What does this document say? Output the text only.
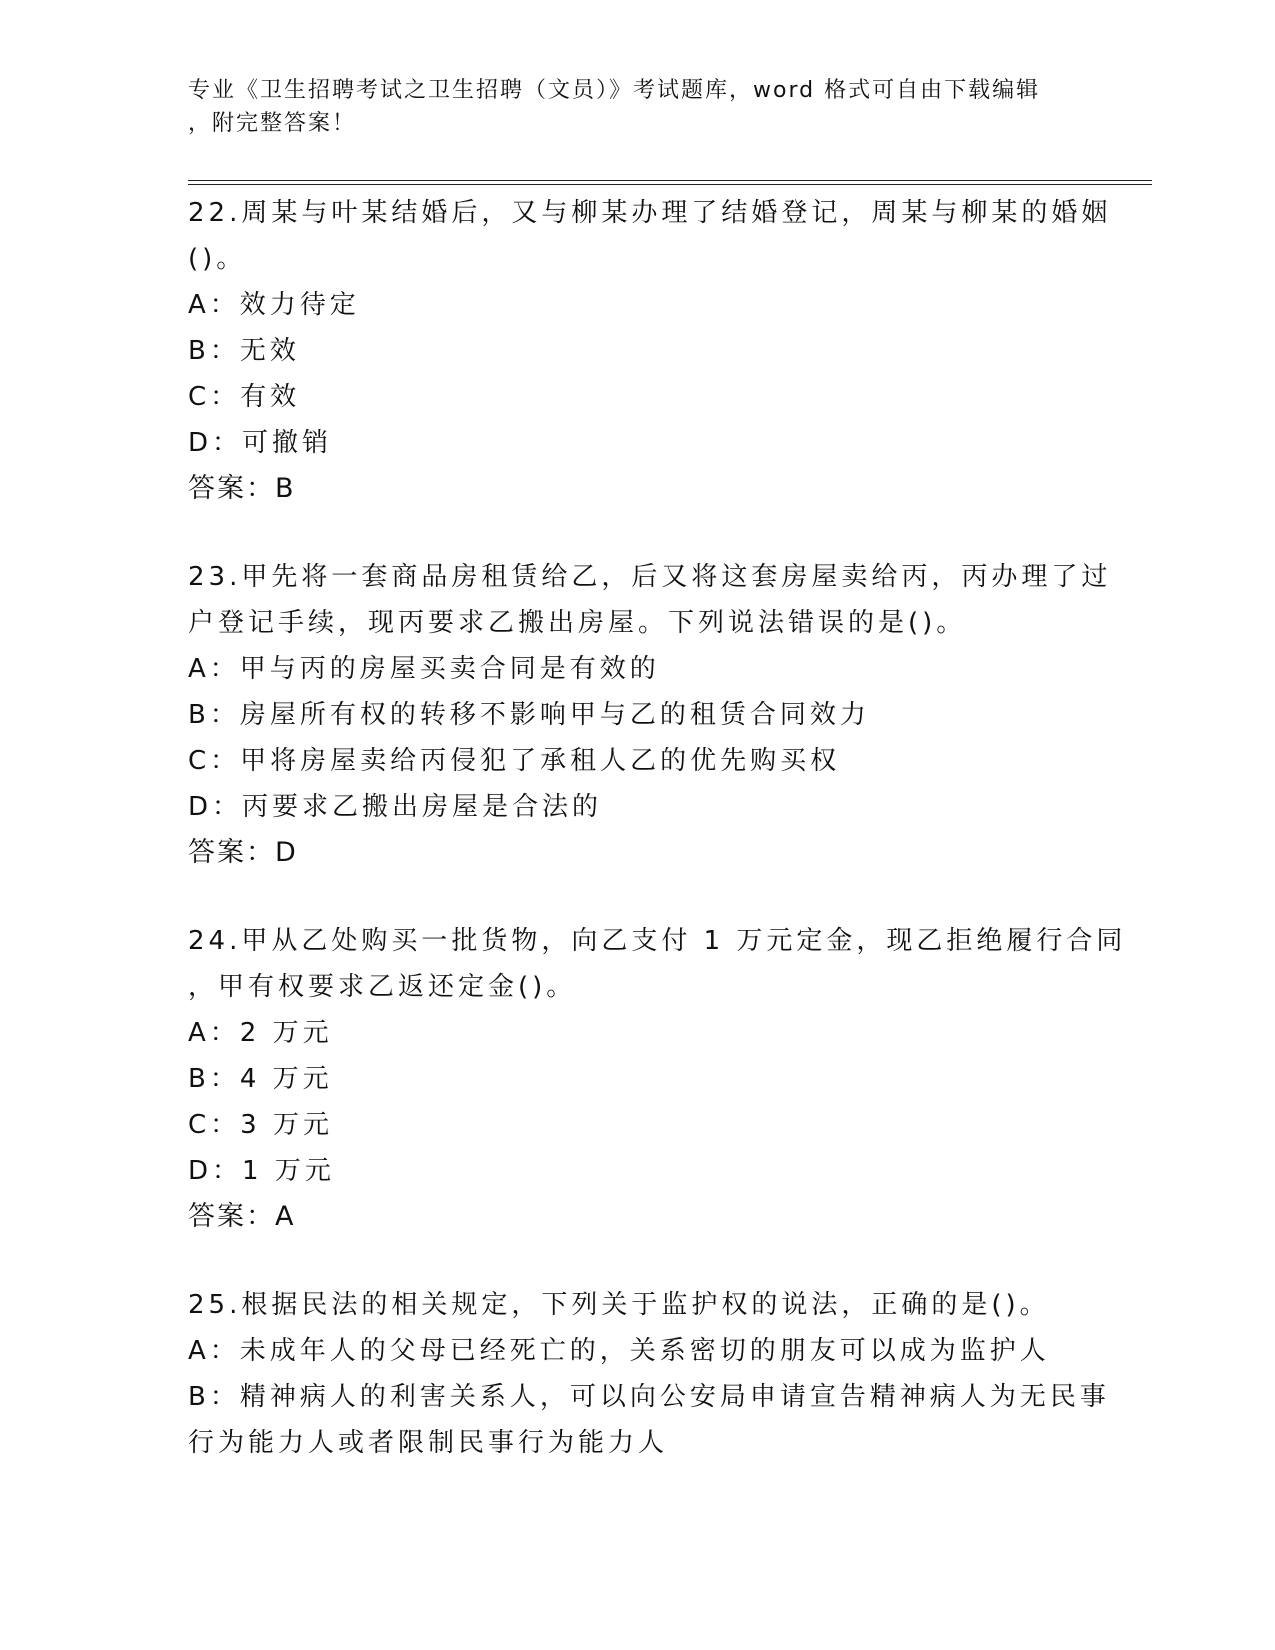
专业《卫生招聘考试之卫生招聘（文员）》考试题库，word 格式可自由下载编辑
，附完整答案！
22.周某与叶某结婚后，又与柳某办理了结婚登记，周某与柳某的婚姻
()。
A：效力待定
B：无效
C：有效
D：可撤销
答案：B
23.甲先将一套商品房租赁给乙，后又将这套房屋卖给丙，丙办理了过
户登记手续，现丙要求乙搬出房屋。下列说法错误的是()。
A：甲与丙的房屋买卖合同是有效的
B：房屋所有权的转移不影响甲与乙的租赁合同效力
C：甲将房屋卖给丙侵犯了承租人乙的优先购买权
D：丙要求乙搬出房屋是合法的
答案：D
24.甲从乙处购买一批货物，向乙支付 1 万元定金，现乙拒绝履行合同
，甲有权要求乙返还定金()。
A：2 万元
B：4 万元
C：3 万元
D：1 万元
答案：A
25.根据民法的相关规定，下列关于监护权的说法，正确的是()。
A：未成年人的父母已经死亡的，关系密切的朋友可以成为监护人
B：精神病人的利害关系人，可以向公安局申请宣告精神病人为无民事
行为能力人或者限制民事行为能力人
